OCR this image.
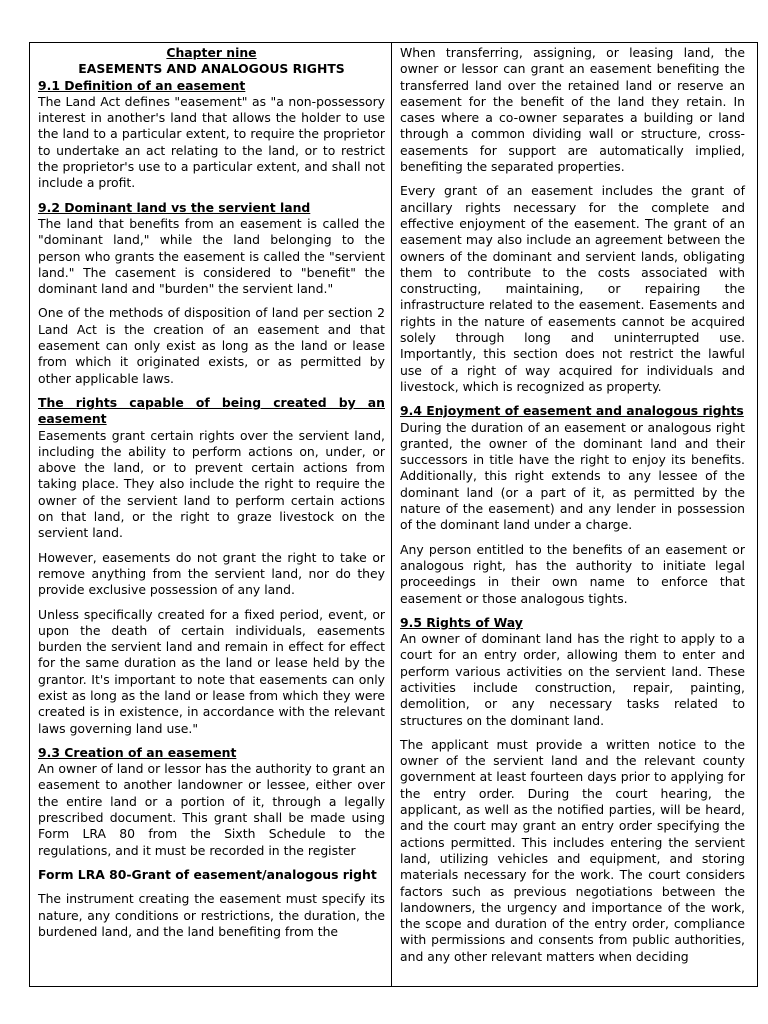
Chapter nine

EASEMENTS AND ANALOGOUS RIGHTS

9.1 Definition of an easement

The Land Act defines "easement" as "a non-possessory interest in another's land that allows the holder to use the land to a particular extent, to require the proprietor to undertake an act relating to the land, or to restrict the proprietor's use to a particular extent, and shall not include a profit.

9.2 Dominant land vs the servient land

The land that benefits from an easement is called the "dominant land," while the land belonging to the person who grants the easement is called the "servient land." The casement is considered to "benefit" the dominant land and "burden" the servient land."

One of the methods of disposition of land per section 2 Land Act is the creation of an easement and that easement can only exist as long as the land or lease from which it originated exists, or as permitted by other applicable laws.

The rights capable of being created by an easement

Easements grant certain rights over the servient land, including the ability to perform actions on, under, or above the land, or to prevent certain actions from taking place. They also include the right to require the owner of the servient land to perform certain actions on that land, or the right to graze livestock on the servient land.

However, easements do not grant the right to take or remove anything from the servient land, nor do they provide exclusive possession of any land.

Unless specifically created for a fixed period, event, or upon the death of certain individuals, easements burden the servient land and remain in effect for effect for the same duration as the land or lease held by the grantor. It's important to note that easements can only exist as long as the land or lease from which they were created is in existence, in accordance with the relevant laws governing land use."

9.3 Creation of an easement

An owner of land or lessor has the authority to grant an easement to another landowner or lessee, either over the entire land or a portion of it, through a legally prescribed document. This grant shall be made using Form LRA 80 from the Sixth Schedule to the regulations, and it must be recorded in the register

Form LRA 80-Grant of easement/analogous right

The instrument creating the easement must specify its nature, any conditions or restrictions, the duration, the burdened land, and the land benefiting from the

When transferring, assigning, or leasing land, the owner or lessor can grant an easement benefiting the transferred land over the retained land or reserve an easement for the benefit of the land they retain. In cases where a co-owner separates a building or land through a common dividing wall or structure, cross-easements for support are automatically implied, benefiting the separated properties.

Every grant of an easement includes the grant of ancillary rights necessary for the complete and effective enjoyment of the easement. The grant of an easement may also include an agreement between the owners of the dominant and servient lands, obligating them to contribute to the costs associated with constructing, maintaining, or repairing the infrastructure related to the easement. Easements and rights in the nature of easements cannot be acquired solely through long and uninterrupted use. Importantly, this section does not restrict the lawful use of a right of way acquired for individuals and livestock, which is recognized as property.

9.4 Enjoyment of easement and analogous rights

During the duration of an easement or analogous right granted, the owner of the dominant land and their successors in title have the right to enjoy its benefits. Additionally, this right extends to any lessee of the dominant land (or a part of it, as permitted by the nature of the easement) and any lender in possession of the dominant land under a charge.

Any person entitled to the benefits of an easement or analogous right, has the authority to initiate legal proceedings in their own name to enforce that easement or those analogous tights.

9.5 Rights of Way

An owner of dominant land has the right to apply to a court for an entry order, allowing them to enter and perform various activities on the servient land. These activities include construction, repair, painting, demolition, or any necessary tasks related to structures on the dominant land.

The applicant must provide a written notice to the owner of the servient land and the relevant county government at least fourteen days prior to applying for the entry order. During the court hearing, the applicant, as well as the notified parties, will be heard, and the court may grant an entry order specifying the actions permitted. This includes entering the servient land, utilizing vehicles and equipment, and storing materials necessary for the work. The court considers factors such as previous negotiations between the landowners, the urgency and importance of the work, the scope and duration of the entry order, compliance with permissions and consents from public authorities, and any other relevant matters when deciding
